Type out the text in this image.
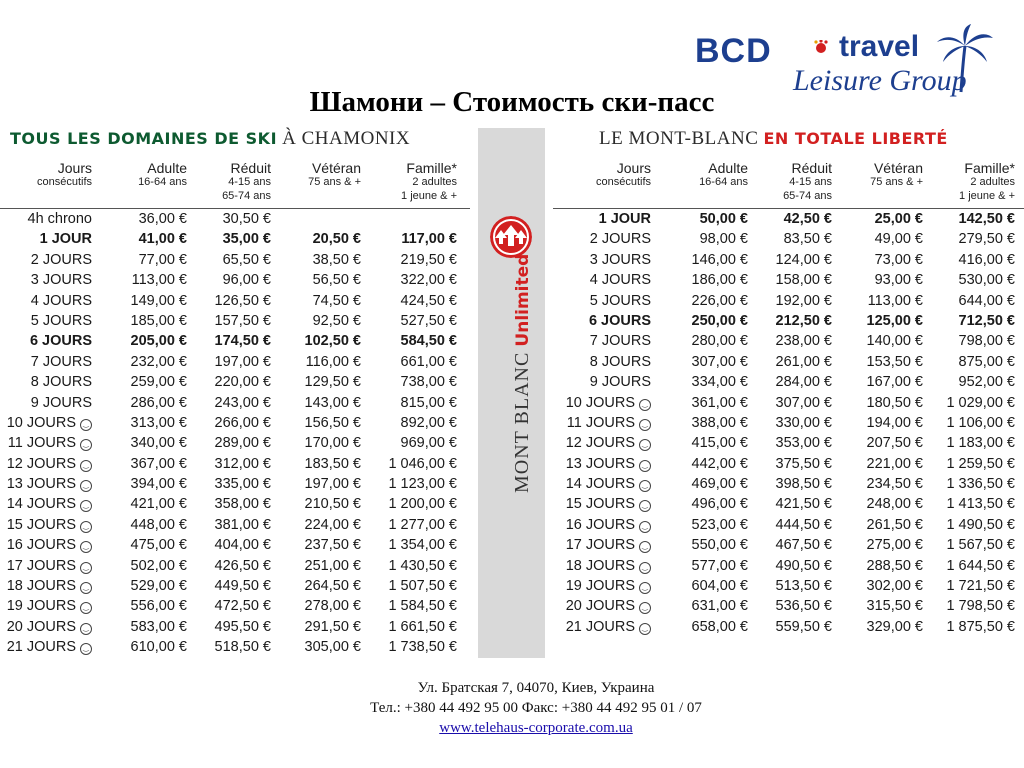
BCD travel
Leisure Group
Шамони – Стоимость ски-пасс
TOUS LES DOMAINES DE SKI À CHAMONIX
Jours
consécutifs
Adulte
16-64 ans
Réduit
4-15 ans
65-74 ans
Vétéran
75 ans & +
Famille*
2 adultes
1 jeune & +
4h chrono	36,00 €	30,50 €
1 JOUR	41,00 €	35,00 €	20,50 €	117,00 €
2 JOURS	77,00 €	65,50 €	38,50 €	219,50 €
3 JOURS	113,00 €	96,00 €	56,50 €	322,00 €
4 JOURS	149,00 €	126,50 €	74,50 €	424,50 €
5 JOURS	185,00 €	157,50 €	92,50 €	527,50 €
6 JOURS	205,00 €	174,50 €	102,50 €	584,50 €
7 JOURS	232,00 €	197,00 €	116,00 €	661,00 €
8 JOURS	259,00 €	220,00 €	129,50 €	738,00 €
9 JOURS	286,00 €	243,00 €	143,00 €	815,00 €
10 JOURS ‿	313,00 €	266,00 €	156,50 €	892,00 €
11 JOURS ‿	340,00 €	289,00 €	170,00 €	969,00 €
12 JOURS ‿	367,00 €	312,00 €	183,50 €	1 046,00 €
13 JOURS ‿	394,00 €	335,00 €	197,00 €	1 123,00 €
14 JOURS ‿	421,00 €	358,00 €	210,50 €	1 200,00 €
15 JOURS ‿	448,00 €	381,00 €	224,00 €	1 277,00 €
16 JOURS ‿	475,00 €	404,00 €	237,50 €	1 354,00 €
17 JOURS ‿	502,00 €	426,50 €	251,00 €	1 430,50 €
18 JOURS ‿	529,00 €	449,50 €	264,50 €	1 507,50 €
19 JOURS ‿	556,00 €	472,50 €	278,00 €	1 584,50 €
20 JOURS ‿	583,00 €	495,50 €	291,50 €	1 661,50 €
21 JOURS ‿	610,00 €	518,50 €	305,00 €	1 738,50 €
MONT BLANC Unlimited
LE MONT-BLANC EN TOTALE LIBERTÉ
Jours
consécutifs
Adulte
16-64 ans
Réduit
4-15 ans
65-74 ans
Vétéran
75 ans & +
Famille*
2 adultes
1 jeune & +
1 JOUR	50,00 €	42,50 €	25,00 €	142,50 €
2 JOURS	98,00 €	83,50 €	49,00 €	279,50 €
3 JOURS	146,00 €	124,00 €	73,00 €	416,00 €
4 JOURS	186,00 €	158,00 €	93,00 €	530,00 €
5 JOURS	226,00 €	192,00 €	113,00 €	644,00 €
6 JOURS	250,00 €	212,50 €	125,00 €	712,50 €
7 JOURS	280,00 €	238,00 €	140,00 €	798,00 €
8 JOURS	307,00 €	261,00 €	153,50 €	875,00 €
9 JOURS	334,00 €	284,00 €	167,00 €	952,00 €
10 JOURS ‿	361,00 €	307,00 €	180,50 €	1 029,00 €
11 JOURS ‿	388,00 €	330,00 €	194,00 €	1 106,00 €
12 JOURS ‿	415,00 €	353,00 €	207,50 €	1 183,00 €
13 JOURS ‿	442,00 €	375,50 €	221,00 €	1 259,50 €
14 JOURS ‿	469,00 €	398,50 €	234,50 €	1 336,50 €
15 JOURS ‿	496,00 €	421,50 €	248,00 €	1 413,50 €
16 JOURS ‿	523,00 €	444,50 €	261,50 €	1 490,50 €
17 JOURS ‿	550,00 €	467,50 €	275,00 €	1 567,50 €
18 JOURS ‿	577,00 €	490,50 €	288,50 €	1 644,50 €
19 JOURS ‿	604,00 €	513,50 €	302,00 €	1 721,50 €
20 JOURS ‿	631,00 €	536,50 €	315,50 €	1 798,50 €
21 JOURS ‿	658,00 €	559,50 €	329,00 €	1 875,50 €
Ул. Братская 7, 04070, Киев, Украина
Тел.: +380 44 492 95 00 Факс: +380 44 492 95 01 / 07
www.telehaus-corporate.com.ua
